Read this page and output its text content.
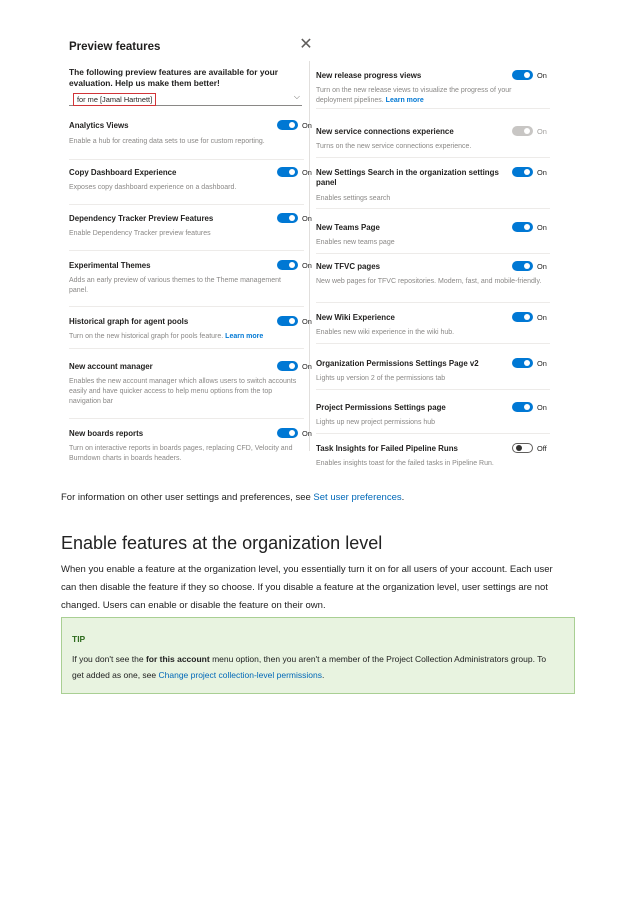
Preview features	✕
The following preview features are available for your evaluation. Help us make them better!
for me [Jamal Hartnett]	⌵
Analytics Views
Enable a hub for creating data sets to use for custom reporting.
On
Copy Dashboard Experience
Exposes copy dashboard experience on a dashboard.
On
Dependency Tracker Preview Features
Enable Dependency Tracker preview features
On
Experimental Themes
Adds an early preview of various themes to the Theme management panel.
On
Historical graph for agent pools
Turn on the new historical graph for pools feature. Learn more
On
New account manager
Enables the new account manager which allows users to switch accounts easily and have quicker access to help menu options from the top navigation bar
On
New boards reports
Turn on interactive reports in boards pages, replacing CFD, Velocity and Burndown charts in boards headers.
On
New release progress views
Turn on the new release views to visualize the progress of your deployment pipelines. Learn more
On
New service connections experience
Turns on the new service connections experience.
On
New Settings Search in the organization settings panel
Enables settings search
On
New Teams Page
Enables new teams page
On
New TFVC pages
New web pages for TFVC repositories. Modern, fast, and mobile-friendly.
On
New Wiki Experience
Enables new wiki experience in the wiki hub.
On
Organization Permissions Settings Page v2
Lights up version 2 of the permissions tab
On
Project Permissions Settings page
Lights up new project permissions hub
On
Task Insights for Failed Pipeline Runs
Enables insights toast for the failed tasks in Pipeline Run.
Off
For information on other user settings and preferences, see Set user preferences.
Enable features at the organization level
When you enable a feature at the organization level, you essentially turn it on for all users of your account. Each user can then disable the feature if they so choose. If you disable a feature at the organization level, user settings are not changed. Users can enable or disable the feature on their own.
TIP
If you don't see the for this account menu option, then you aren't a member of the Project Collection Administrators group. To get added as one, see Change project collection-level permissions.
